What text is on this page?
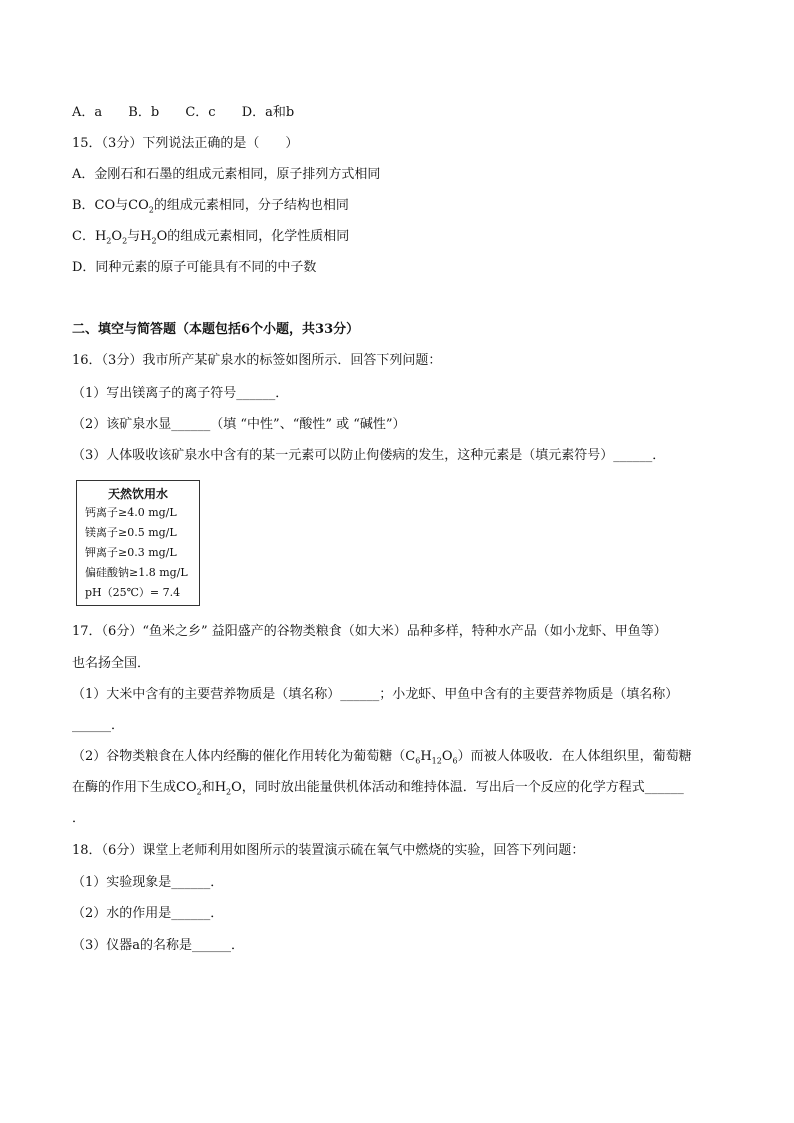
A．a B．b C．c D．a和b
15．（3分）下列说法正确的是（　　）
A．金刚石和石墨的组成元素相同，原子排列方式相同
B．CO与$CO_2$的组成元素相同，分子结构也相同
C．$H_2O_2$与$H_2O$的组成元素相同，化学性质相同
D．同种元素的原子可能具有不同的中子数
二、填空与简答题（本题包括6个小题，共33分）
16．（3分）我市所产某矿泉水的标签如图所示．回答下列问题：
（1）写出镁离子的离子符号______．
（2）该矿泉水显______（填 “中性”、“酸性” 或 “碱性”）
（3）人体吸收该矿泉水中含有的某一元素可以防止佝偻病的发生，这种元素是（填元素符号）______．
天然饮用水
钙离子≥4.0 mg/L
镁离子≥0.5 mg/L
钾离子≥0.3 mg/L
偏硅酸钠≥1.8 mg/L
pH（25℃）= 7.4
17．（6分）“鱼米之乡” 益阳盛产的谷物类粮食（如大米）品种多样，特种水产品（如小龙虾、甲鱼等）
也名扬全国．
（1）大米中含有的主要营养物质是（填名称）______；小龙虾、甲鱼中含有的主要营养物质是（填名称）
______．
（2）谷物类粮食在人体内经酶的催化作用转化为葡萄糖$(C_6H_{12}O_6)$而被人体吸收．在人体组织里，葡萄糖
在酶的作用下生成$CO_2$和$H_2O$，同时放出能量供机体活动和维持体温．写出后一个反应的化学方程式______
．
18．（6分）课堂上老师利用如图所示的装置演示硫在氧气中燃烧的实验，回答下列问题：
（1）实验现象是______．
（2）水的作用是______．
（3）仪器a的名称是______．
